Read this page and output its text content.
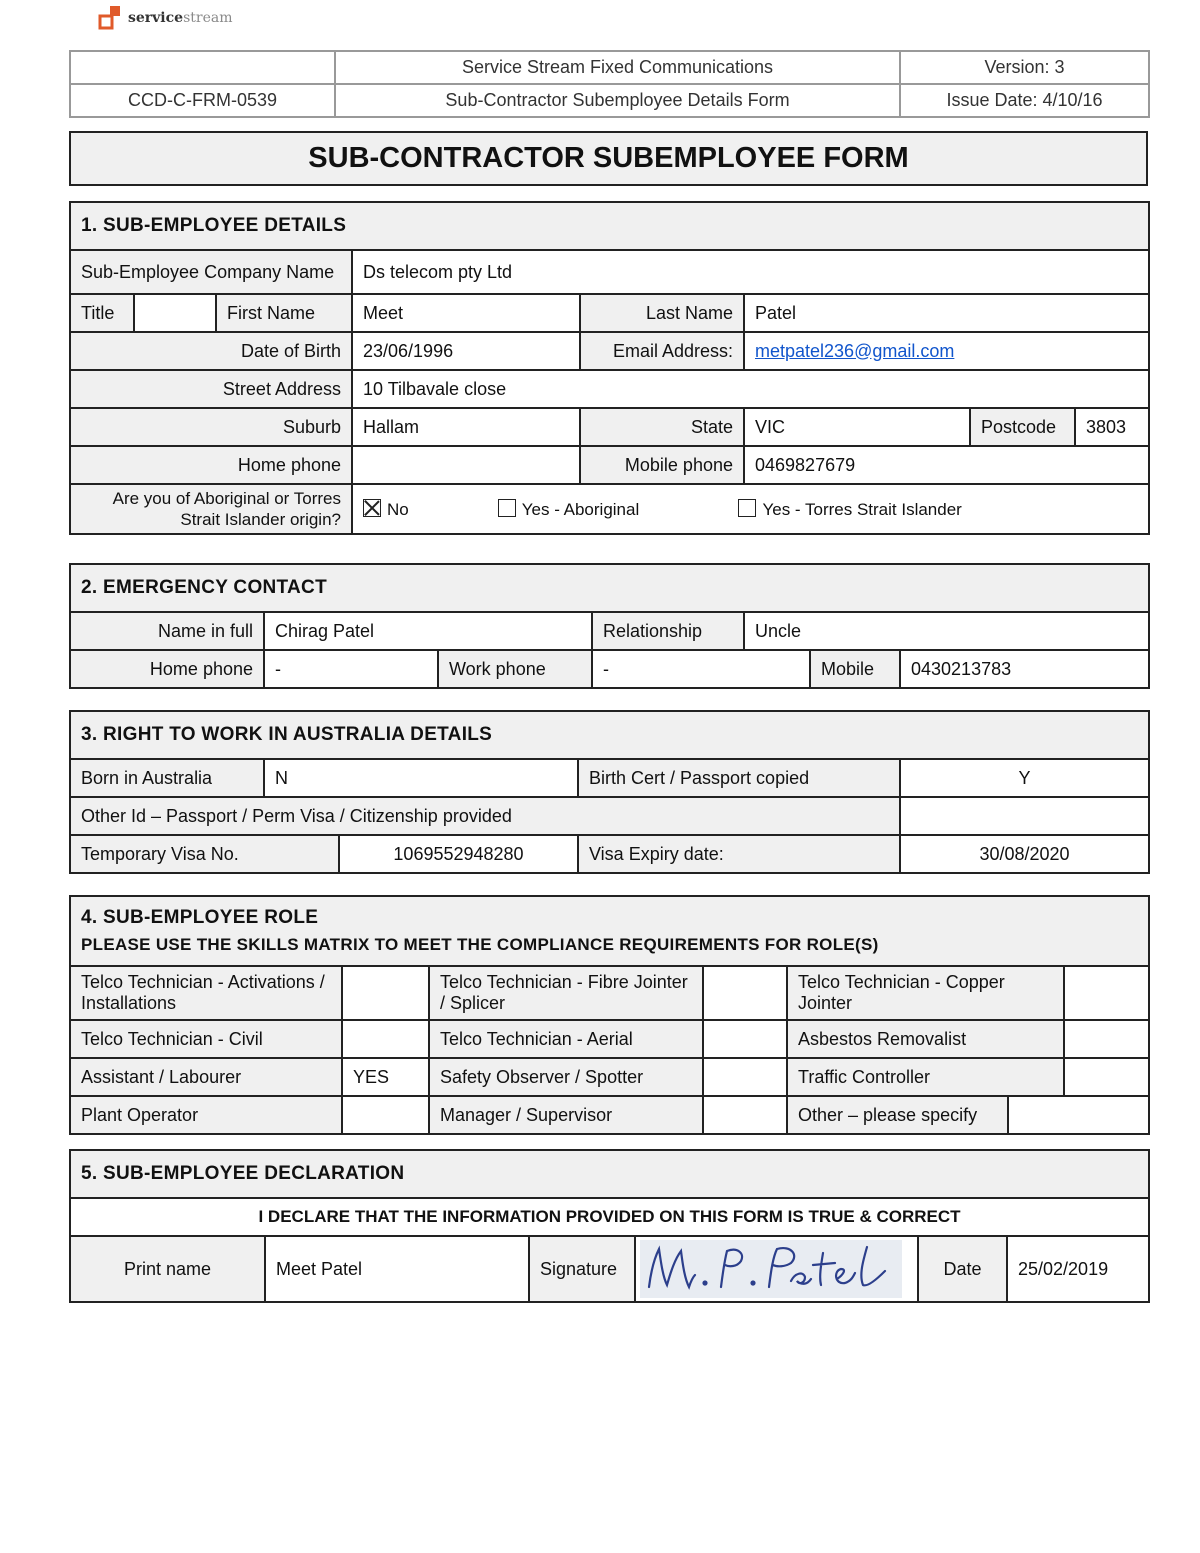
servicestream
	Service Stream Fixed Communications	Version: 3
CCD-C-FRM-0539	Sub-Contractor Subemployee Details Form	Issue Date: 4/10/16
SUB-CONTRACTOR SUBEMPLOYEE FORM
1. SUB-EMPLOYEE DETAILS							
Sub-Employee Company Name			Ds telecom pty Ltd				
Title		First Name	Meet	Last Name	Patel		
Date of Birth			23/06/1996	Email Address:	metpatel236@gmail.com		
Street Address			10 Tilbavale close				
Suburb			Hallam	State	VIC	Postcode	3803
Home phone				Mobile phone	0469827679		
Are you of Aboriginal or Torres Strait Islander origin?			No Yes - Aboriginal Yes - Torres Strait Islander				
2. EMERGENCY CONTACT						
Name in full	Chirag Patel		Relationship	Uncle		
Home phone	-	Work phone	-		Mobile	0430213783
3. RIGHT TO WORK IN AUSTRALIA DETAILS				
Born in Australia	N		Birth Cert / Passport copied	Y
Other Id – Passport / Perm Visa / Citizenship provided				
Temporary Visa No.		1069552948280	Visa Expiry date:	30/08/2020
4. SUB-EMPLOYEE ROLE
PLEASE USE THE SKILLS MATRIX TO MEET THE COMPLIANCE REQUIREMENTS FOR ROLE(S)						

Telco Technician - Activations / Installations		Telco Technician - Fibre Jointer / Splicer		Telco Technician - Copper Jointer		
Telco Technician - Civil		Telco Technician - Aerial		Asbestos Removalist		
Assistant / Labourer	YES	Safety Observer / Spotter		Traffic Controller		
Plant Operator		Manager / Supervisor		Other – please specify		
5. SUB-EMPLOYEE DECLARATION
I DECLARE THAT THE INFORMATION PROVIDED ON THIS FORM IS TRUE & CORRECT
Print name	Meet Patel	Signature		Date	25/02/2019
